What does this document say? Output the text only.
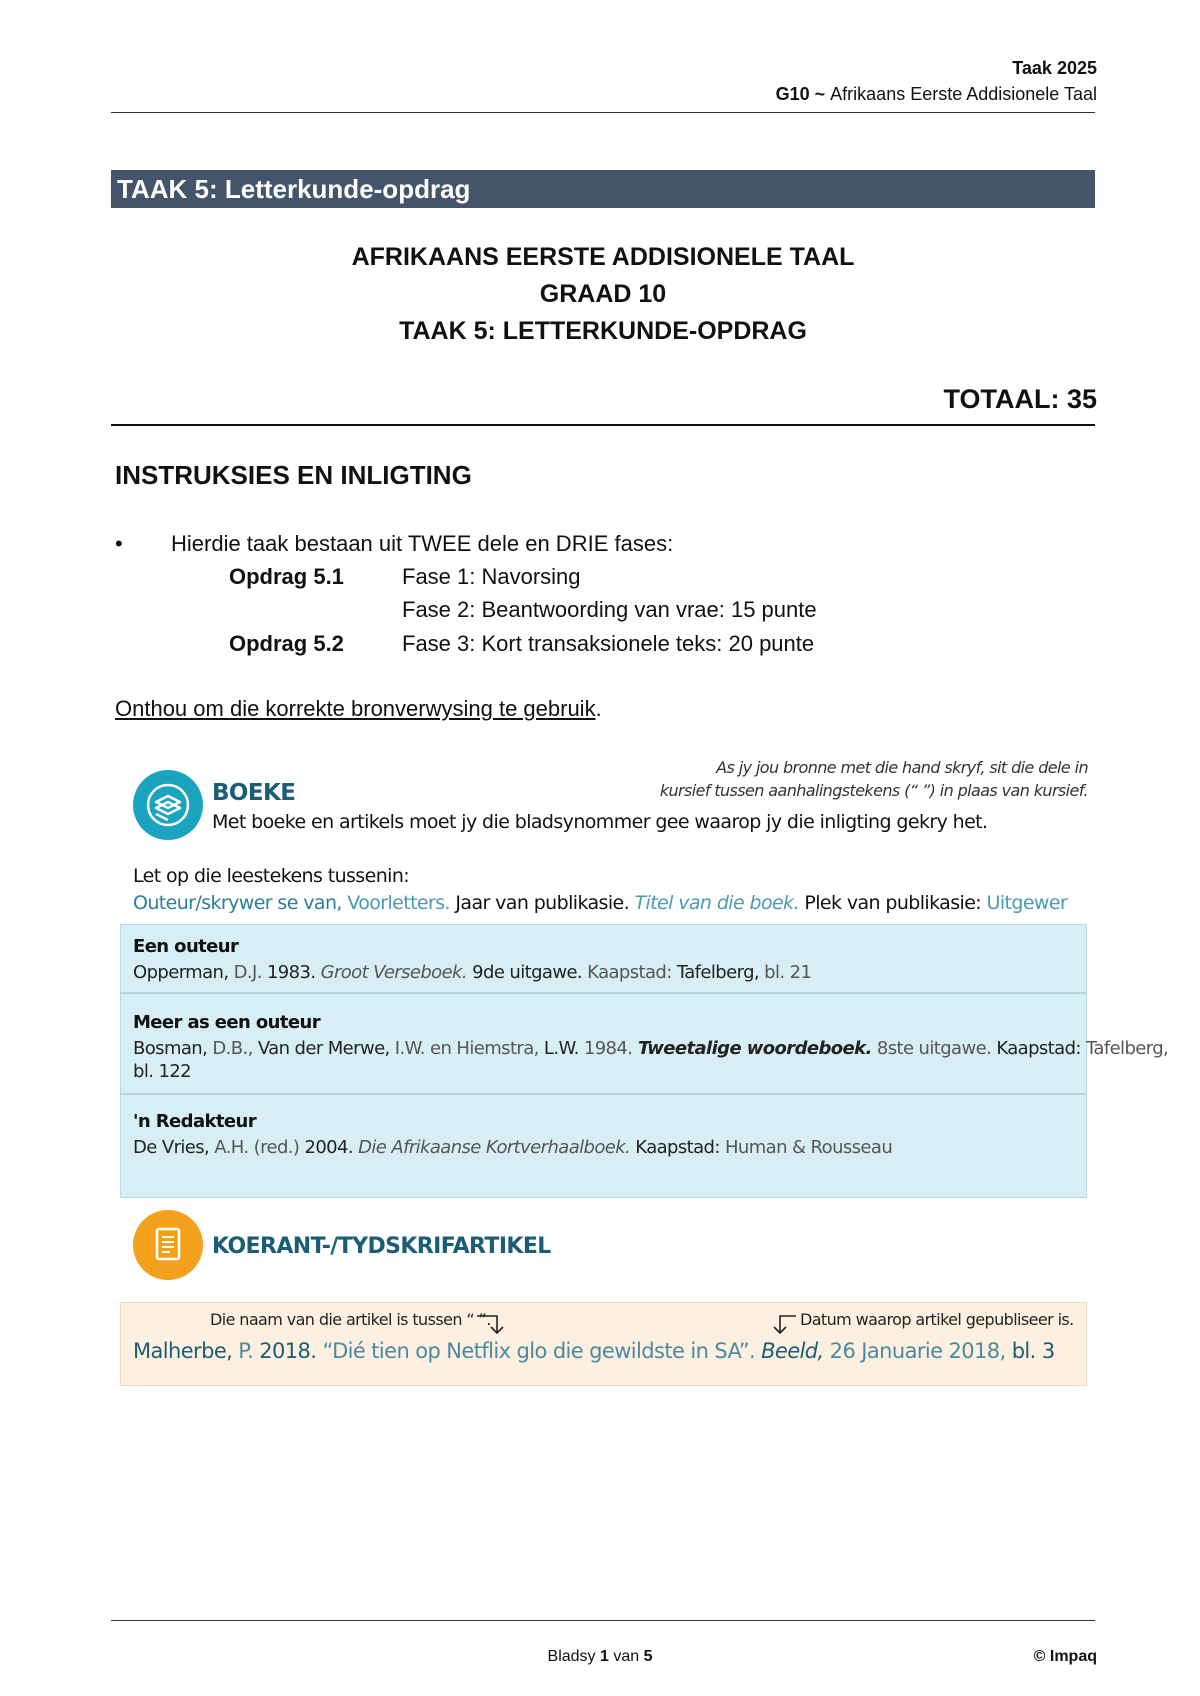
Taak 2025
G10 ~ Afrikaans Eerste Addisionele Taal
TAAK 5: Letterkunde-opdrag
AFRIKAANS EERSTE ADDISIONELE TAAL
GRAAD 10
TAAK 5: LETTERKUNDE-OPDRAG
TOTAAL: 35
INSTRUKSIES EN INLIGTING
• Hierdie taak bestaan uit TWEE dele en DRIE fases:
Opdrag 5.1	Fase 1: Navorsing
Fase 2: Beantwoording van vrae: 15 punte
Opdrag 5.2	Fase 3: Kort transaksionele teks: 20 punte
Onthou om die korrekte bronverwysing te gebruik.
BOEKE
Met boeke en artikels moet jy die bladsynommer gee waarop jy die inligting gekry het.
As jy jou bronne met die hand skryf, sit die dele in
kursief tussen aanhalingstekens (“ ”) in plaas van kursief.
Let op die leestekens tussenin:
Outeur/skrywer se van, Voorletters. Jaar van publikasie. Titel van die boek. Plek van publikasie: Uitgewer
Een outeur
Opperman, D.J. 1983. Groot Verseboek. 9de uitgawe. Kaapstad: Tafelberg, bl. 21
Meer as een outeur
Bosman, D.B., Van der Merwe, I.W. en Hiemstra, L.W. 1984. Tweetalige woordeboek. 8ste uitgawe. Kaapstad: Tafelberg,
bl. 122
'n Redakteur
De Vries, A.H. (red.) 2004. Die Afrikaanse Kortverhaalboek. Kaapstad: Human & Rousseau
KOERANT-/TYDSKRIFARTIKEL
Die naam van die artikel is tussen “ ”.	Datum waarop artikel gepubliseer is.
Malherbe, P. 2018. “Dié tien op Netflix glo die gewildste in SA”. Beeld, 26 Januarie 2018, bl. 3
Bladsy 1 van 5	© Impaq
